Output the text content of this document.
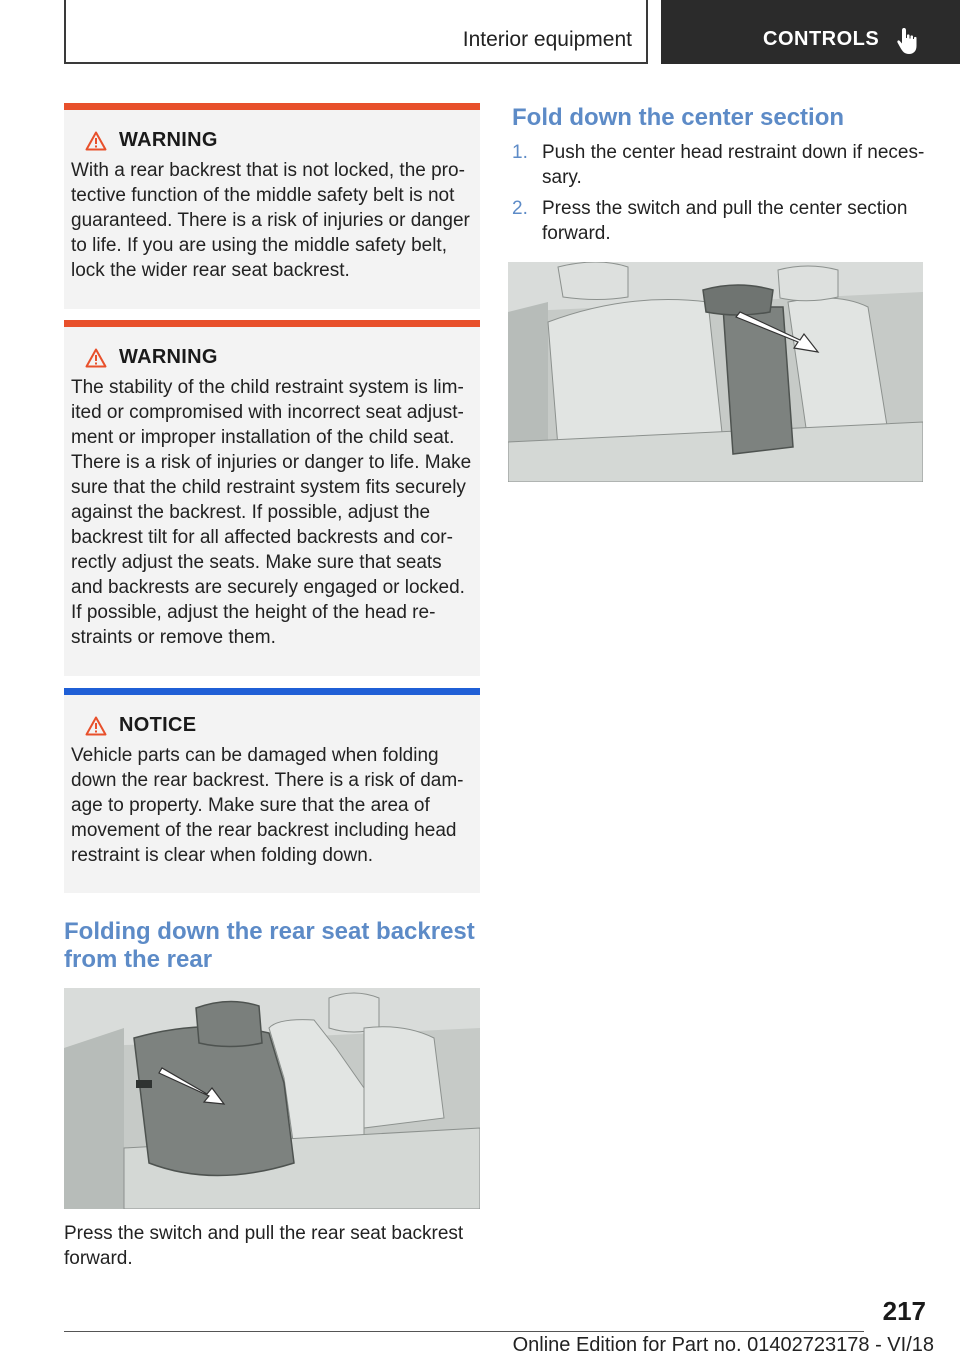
Interior equipment	CONTROLS
WARNING
With a rear backrest that is not locked, the pro-tective function of the middle safety belt is not guaranteed. There is a risk of injuries or danger to life. If you are using the middle safety belt, lock the wider rear seat backrest.
WARNING
The stability of the child restraint system is lim-ited or compromised with incorrect seat adjust-ment or improper installation of the child seat. There is a risk of injuries or danger to life. Make sure that the child restraint system fits securely against the backrest. If possible, adjust the backrest tilt for all affected backrests and cor-rectly adjust the seats. Make sure that seats and backrests are securely engaged or locked. If possible, adjust the height of the head re-straints or remove them.
NOTICE
Vehicle parts can be damaged when folding down the rear backrest. There is a risk of dam-age to property. Make sure that the area of movement of the rear backrest including head restraint is clear when folding down.
Folding down the rear seat backrest from the rear
Press the switch and pull the rear seat backrest forward.
Fold down the center section
1. Push the center head restraint down if neces-sary.
2. Press the switch and pull the center section forward.
217
Online Edition for Part no. 01402723178 - VI/18
